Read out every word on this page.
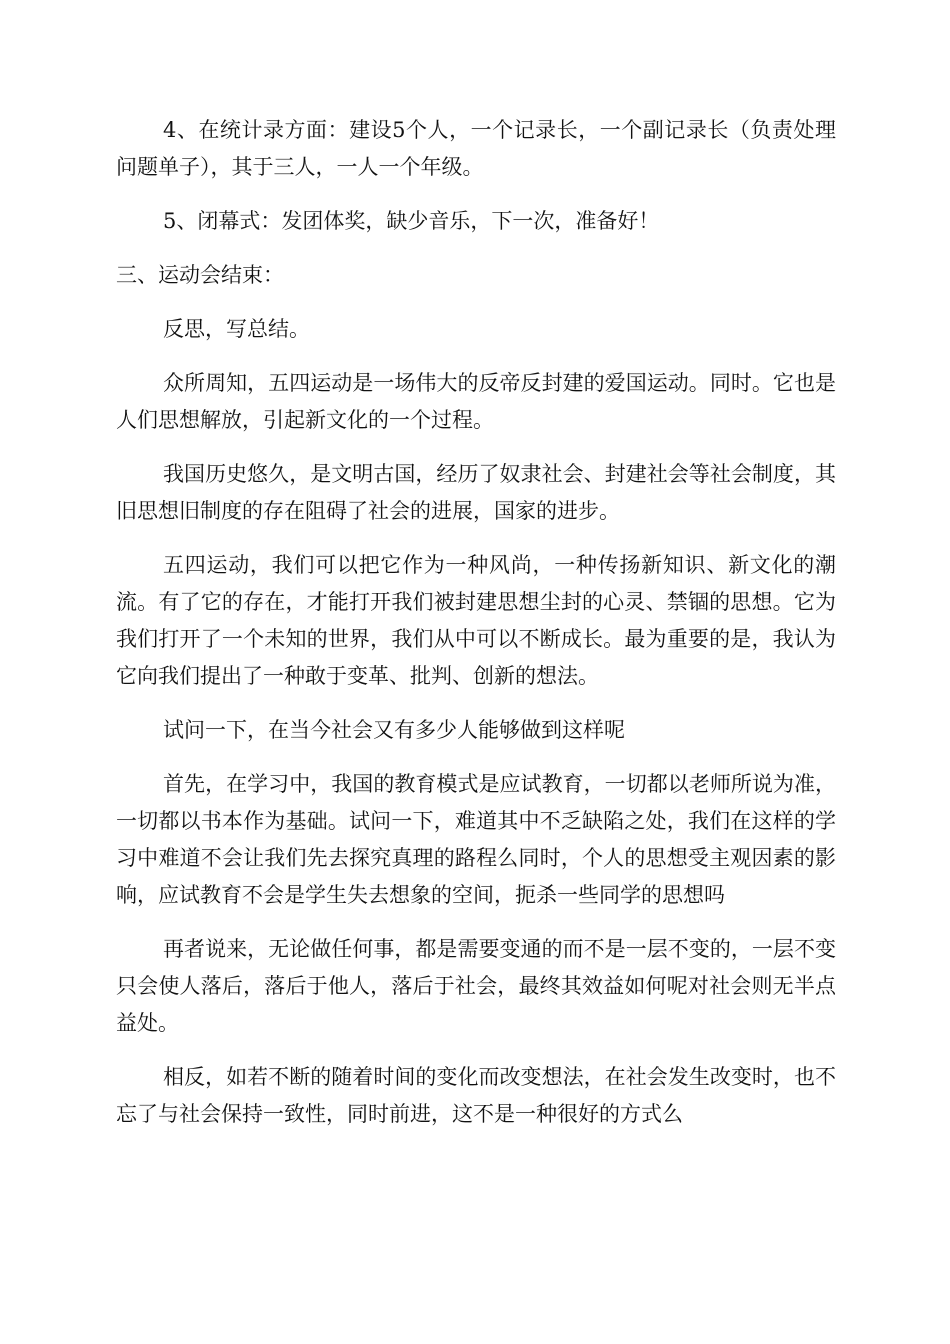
4、在统计录方面：建设5个人，一个记录长，一个副记录长（负责处理问题单子），其于三人，一人一个年级。

5、闭幕式：发团体奖，缺少音乐，下一次，准备好！

三、运动会结束：

反思，写总结。

众所周知，五四运动是一场伟大的反帝反封建的爱国运动。同时。它也是人们思想解放，引起新文化的一个过程。

我国历史悠久，是文明古国，经历了奴隶社会、封建社会等社会制度，其旧思想旧制度的存在阻碍了社会的进展，国家的进步。

五四运动，我们可以把它作为一种风尚，一种传扬新知识、新文化的潮流。有了它的存在，才能打开我们被封建思想尘封的心灵、禁锢的思想。它为我们打开了一个未知的世界，我们从中可以不断成长。最为重要的是，我认为它向我们提出了一种敢于变革、批判、创新的想法。

试问一下，在当今社会又有多少人能够做到这样呢

首先，在学习中，我国的教育模式是应试教育，一切都以老师所说为准，一切都以书本作为基础。试问一下，难道其中不乏缺陷之处，我们在这样的学习中难道不会让我们先去探究真理的路程么同时，个人的思想受主观因素的影响，应试教育不会是学生失去想象的空间，扼杀一些同学的思想吗

再者说来，无论做任何事，都是需要变通的而不是一层不变的，一层不变只会使人落后，落后于他人，落后于社会，最终其效益如何呢对社会则无半点益处。

相反，如若不断的随着时间的变化而改变想法，在社会发生改变时，也不忘了与社会保持一致性，同时前进，这不是一种很好的方式么
